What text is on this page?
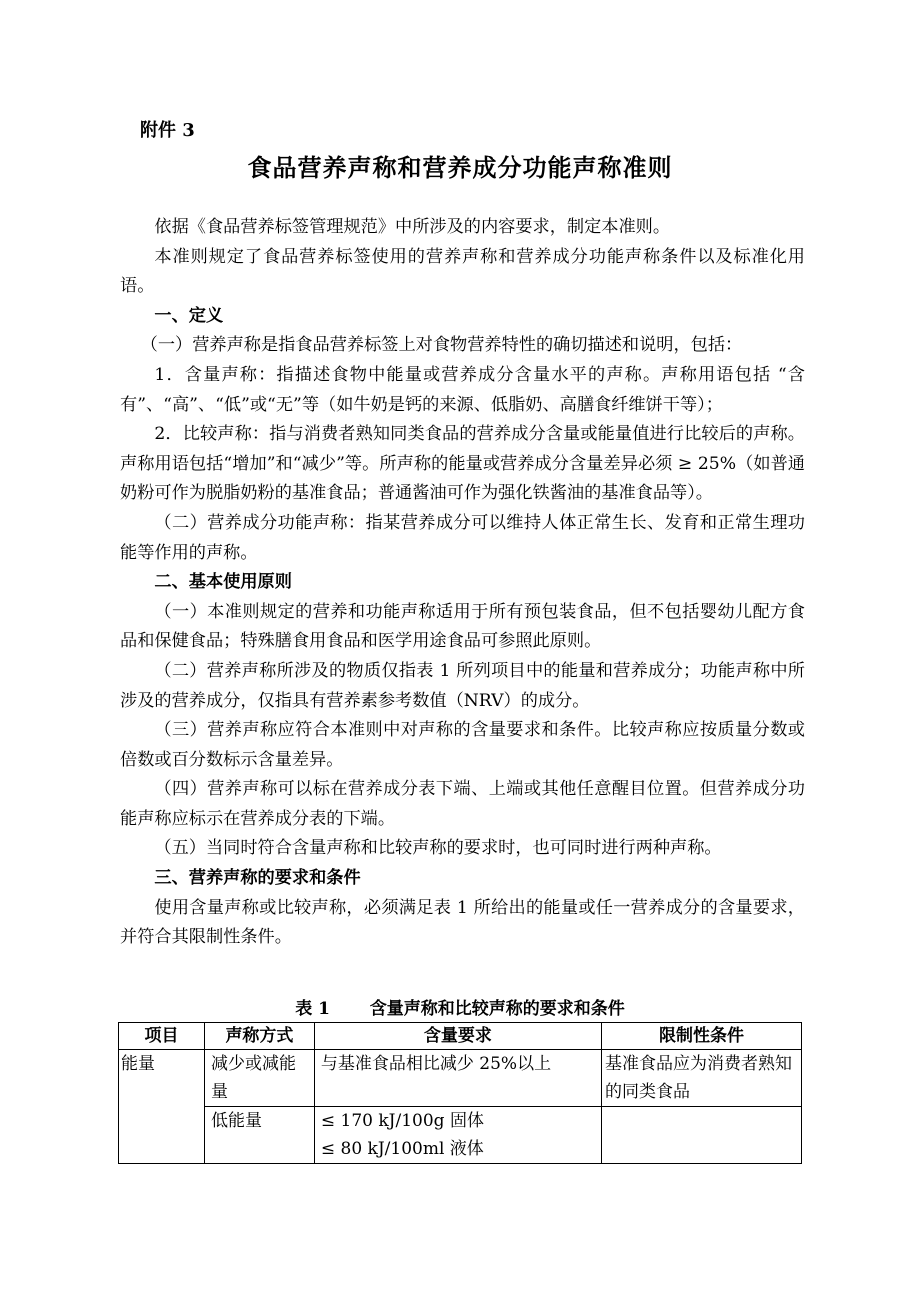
附件 3
食品营养声称和营养成分功能声称准则

依据《食品营养标签管理规范》中所涉及的内容要求，制定本准则。

本准则规定了食品营养标签使用的营养声称和营养成分功能声称条件以及标准化用语。

一、定义

（一）营养声称是指食品营养标签上对食物营养特性的确切描述和说明，包括：

1．含量声称：指描述食物中能量或营养成分含量水平的声称。声称用语包括 “含有”、“高”、“低”或“无”等（如牛奶是钙的来源、低脂奶、高膳食纤维饼干等）；

2．比较声称：指与消费者熟知同类食品的营养成分含量或能量值进行比较后的声称。声称用语包括“增加”和“减少”等。所声称的能量或营养成分含量差异必须 ≥ 25%（如普通奶粉可作为脱脂奶粉的基准食品；普通酱油可作为强化铁酱油的基准食品等）。

（二）营养成分功能声称：指某营养成分可以维持人体正常生长、发育和正常生理功能等作用的声称。

二、基本使用原则

（一）本准则规定的营养和功能声称适用于所有预包装食品，但不包括婴幼儿配方食品和保健食品；特殊膳食用食品和医学用途食品可参照此原则。

（二）营养声称所涉及的物质仅指表 1 所列项目中的能量和营养成分；功能声称中所涉及的营养成分，仅指具有营养素参考数值（NRV）的成分。

（三）营养声称应符合本准则中对声称的含量要求和条件。比较声称应按质量分数或倍数或百分数标示含量差异。

（四）营养声称可以标在营养成分表下端、上端或其他任意醒目位置。但营养成分功能声称应标示在营养成分表的下端。

（五）当同时符合含量声称和比较声称的要求时，也可同时进行两种声称。

三、营养声称的要求和条件

使用含量声称或比较声称，必须满足表 1 所给出的能量或任一营养成分的含量要求，并符合其限制性条件。

表 1 含量声称和比较声称的要求和条件
项目	声称方式	含量要求	限制性条件
能量	减少或减能量	与基准食品相比减少 25%以上	基准食品应为消费者熟知的同类食品
	低能量	≤ 170 kJ/100g 固体
≤ 80 kJ/100ml 液体	
